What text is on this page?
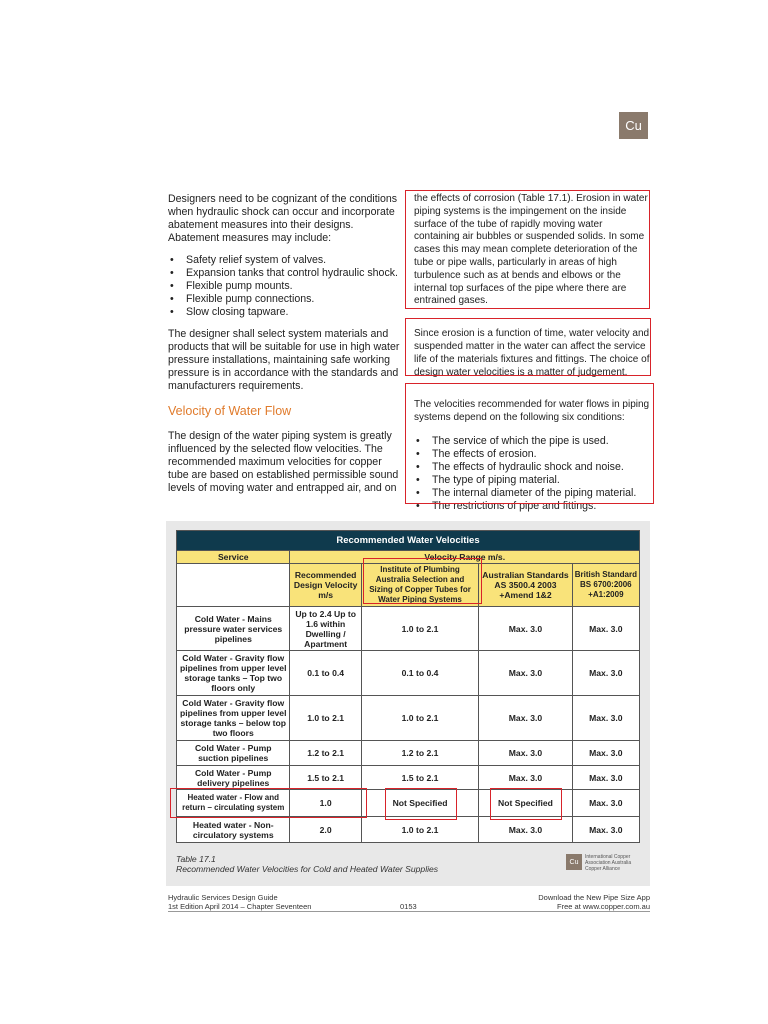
Cu

Designers need to be cognizant of the conditions when hydraulic shock can occur and incorporate abatement measures into their designs. Abatement measures may include:

• Safety relief system of valves.
• Expansion tanks that control hydraulic shock.
• Flexible pump mounts.
• Flexible pump connections.
• Slow closing tapware.

The designer shall select system materials and products that will be suitable for use in high water pressure installations, maintaining safe working pressure is in accordance with the standards and manufacturers requirements.

Velocity of Water Flow

The design of the water piping system is greatly influenced by the selected flow velocities. The recommended maximum velocities for copper tube are based on established permissible sound levels of moving water and entrapped air, and on

the effects of corrosion (Table 17.1). Erosion in water piping systems is the impingement on the inside surface of the tube of rapidly moving water containing air bubbles or suspended solids. In some cases this may mean complete deterioration of the tube or pipe walls, particularly in areas of high turbulence such as at bends and elbows or the internal top surfaces of the pipe where there are entrained gases.

Since erosion is a function of time, water velocity and suspended matter in the water can affect the service life of the materials fixtures and fittings. The choice of design water velocities is a matter of judgement.

The velocities recommended for water flows in piping systems depend on the following six conditions:

• The service of which the pipe is used.
• The effects of erosion.
• The effects of hydraulic shock and noise.
• The type of piping material.
• The internal diameter of the piping material.
• The restrictions of pipe and fittings.
Recommended Water Velocities				
Service	Velocity Range m/s.			
	Recommended Design Velocity m/s	Institute of Plumbing Australia Selection and Sizing of Copper Tubes for Water Piping Systems	Australian Standards AS 3500.4 2003 +Amend 1&2	British Standard BS 6700:2006 +A1:2009
Cold Water - Mains pressure water services pipelines	Up to 2.4 Up to 1.6 within Dwelling / Apartment	1.0 to 2.1	Max. 3.0	Max. 3.0
Cold Water - Gravity flow pipelines from upper level storage tanks – Top two floors only	0.1 to 0.4	0.1 to 0.4	Max. 3.0	Max. 3.0
Cold Water - Gravity flow pipelines from upper level storage tanks – below top two floors	1.0 to 2.1	1.0 to 2.1	Max. 3.0	Max. 3.0
Cold Water - Pump suction pipelines	1.2 to 2.1	1.2 to 2.1	Max. 3.0	Max. 3.0
Cold Water - Pump delivery pipelines	1.5 to 2.1	1.5 to 2.1	Max. 3.0	Max. 3.0
Heated water - Flow and return – circulating system	1.0	Not Specified	Not Specified	Max. 3.0
Heated water - Non-circulatory systems	2.0	1.0 to 2.1	Max. 3.0	Max. 3.0
Table 17.1
Recommended Water Velocities for Cold and Heated Water Supplies
Cu
International Copper Association Australia Copper Alliance
Hydraulic Services Design Guide
1st Edition April 2014 – Chapter Seventeen	0153
Download the New Pipe Size App
Free at www.copper.com.au
